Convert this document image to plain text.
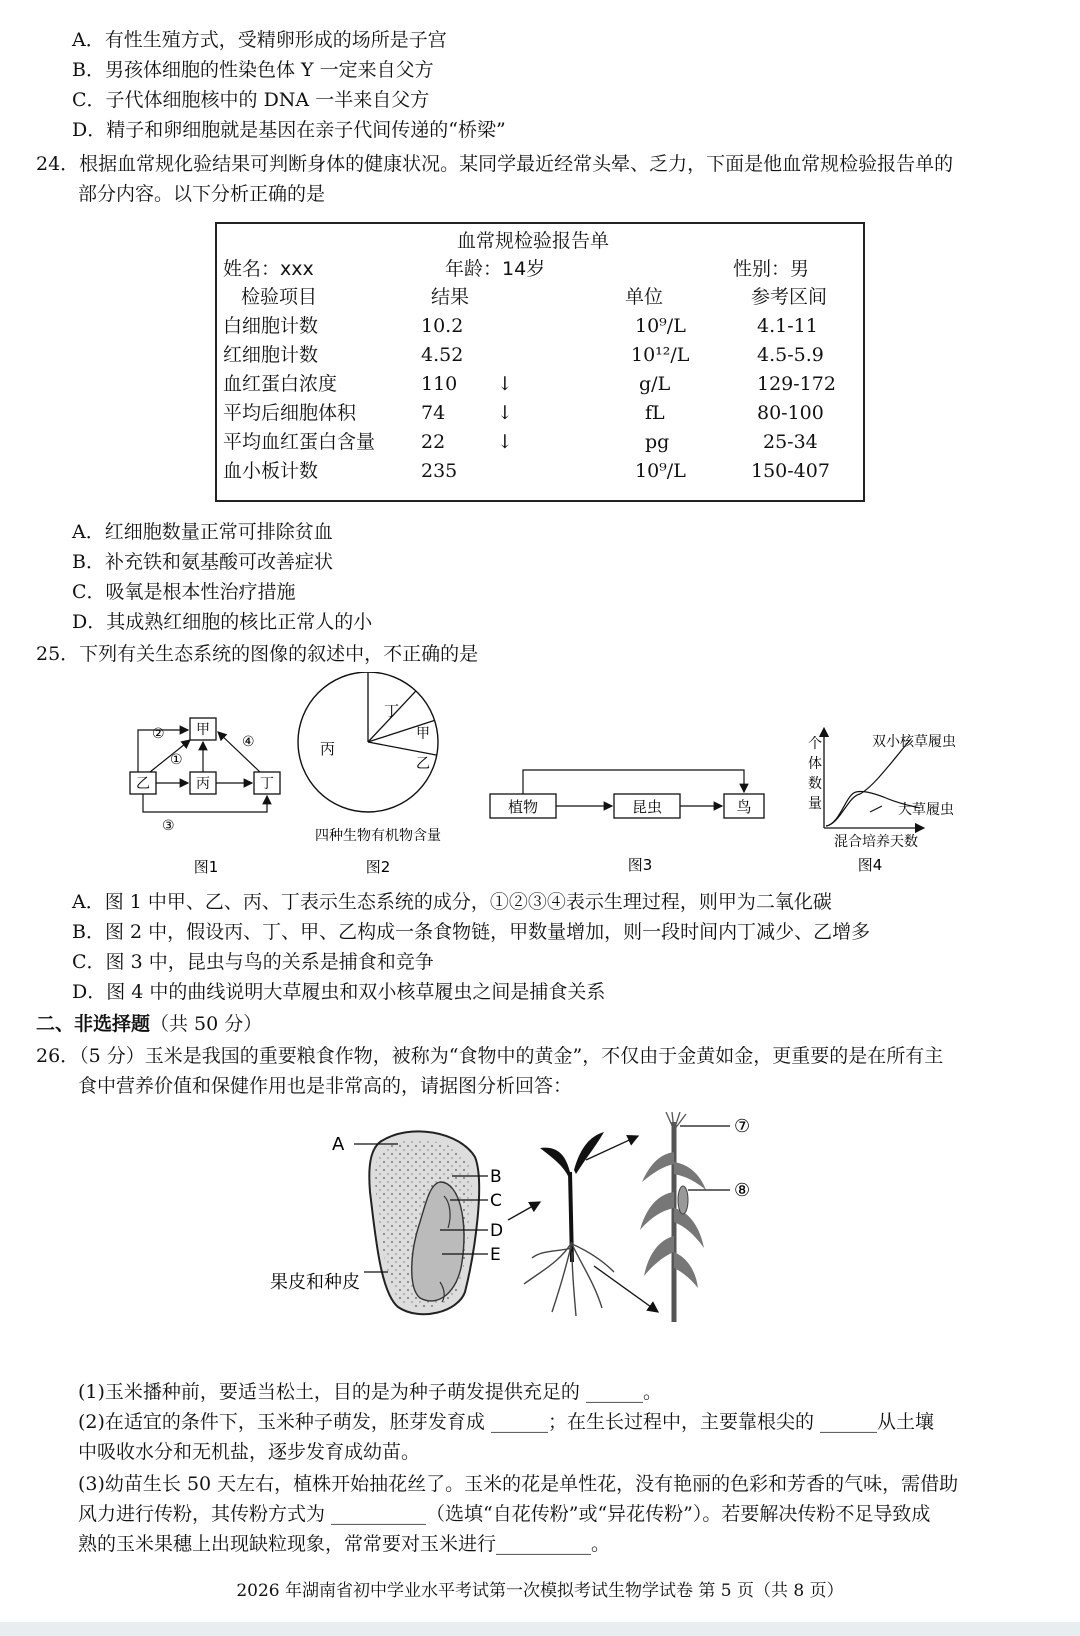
A．有性生殖方式，受精卵形成的场所是子宫
B．男孩体细胞的性染色体 Y 一定来自父方
C．子代体细胞核中的 DNA 一半来自父方
D．精子和卵细胞就是基因在亲子代间传递的“桥梁”
24．根据血常规化验结果可判断身体的健康状况。某同学最近经常头晕、乏力，下面是他血常规检验报告单的
部分内容。以下分析正确的是
血常规检验报告单
姓名：xxx	年龄：14岁	性别：男
检验项目	结果	单位	参考区间
白细胞计数	10.2	10⁹/L	4.1-11
红细胞计数	4.52	10¹²/L	4.5-5.9
血红蛋白浓度	110 ↓	g/L	129-172
平均后细胞体积	74	↓	fL	80-100
平均血红蛋白含量 22	↓	pg	25-34
血小板计数	235	10⁹/L	150-407
A．红细胞数量正常可排除贫血
B．补充铁和氨基酸可改善症状
C．吸氧是根本性治疗措施
D．其成熟红细胞的核比正常人的小
25．下列有关生态系统的图像的叙述中，不正确的是
甲
乙	丙	丁
②
①
④
③
图1
丙
丁
甲
乙
四种生物有机物含量
图2
植物	昆虫	鸟
图3
个
体
数
量
双小核草履虫
大草履虫
混合培养天数
图4
A．图 1 中甲、乙、丙、丁表示生态系统的成分，①②③④表示生理过程，则甲为二氧化碳
B．图 2 中，假设丙、丁、甲、乙构成一条食物链，甲数量增加，则一段时间内丁减少、乙增多
C．图 3 中，昆虫与鸟的关系是捕食和竞争
D．图 4 中的曲线说明大草履虫和双小核草履虫之间是捕食关系
二、非选择题（共 50 分）
26．（5 分）玉米是我国的重要粮食作物，被称为“食物中的黄金”，不仅由于金黄如金，更重要的是在所有主
食中营养价值和保健作用也是非常高的，请据图分析回答：
A
B
C
D
E
果皮和种皮
⑦
⑧
(1)玉米播种前，要适当松土，目的是为种子萌发提供充足的 ______。
(2)在适宜的条件下，玉米种子萌发，胚芽发育成 ______；在生长过程中，主要靠根尖的 ______从土壤
中吸收水分和无机盐，逐步发育成幼苗。
(3)幼苗生长 50 天左右，植株开始抽花丝了。玉米的花是单性花，没有艳丽的色彩和芳香的气味，需借助
风力进行传粉，其传粉方式为 __________（选填“自花传粉”或“异花传粉”）。若要解决传粉不足导致成
熟的玉米果穗上出现缺粒现象，常常要对玉米进行__________。
2026 年湖南省初中学业水平考试第一次模拟考试生物学试卷 第 5 页（共 8 页）
